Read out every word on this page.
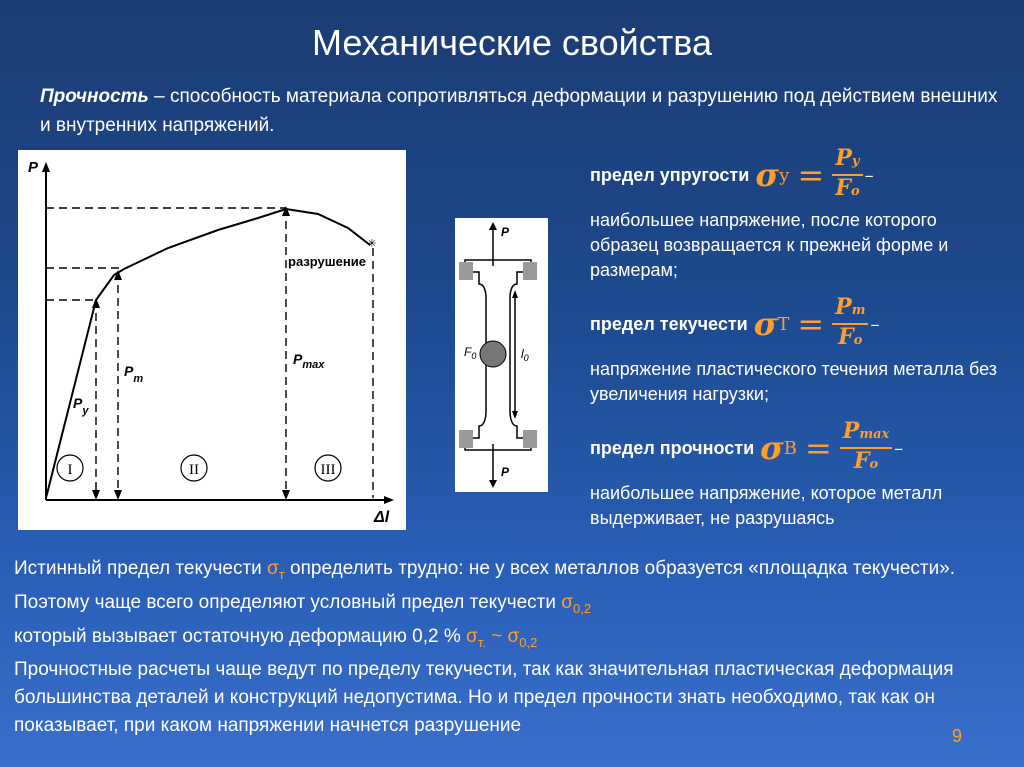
Механические свойства
Прочность – способность материала сопротивляться деформации и разрушению под действием внешних и внутренних напряжений.
✳
P
Δl
разрушение
$P_у$
$P_т$
$P_{max}$
I	II	III
P
P
$F_0$	$l_0$
предел упругости σ $у = \frac{Pу}{Fo}$ –
наибольшее напряжение, после которого образец возвращается к прежней форме и размерам;
предел текучести σ $Т = \frac{Pт}{Fo}$ –
напряжение пластического течения металла без увеличения нагрузки;
предел прочности σ $В = \frac{Pmax}{Fo}$ –
наибольшее напряжение, которое металл выдерживает, не разрушаясь
Истинный предел текучести $\sigma_т$ определить трудно: не у всех металлов образуется «площадка текучести». Поэтому чаще всего определяют условный предел текучести $\sigma_{0,2}$
который вызывает остаточную деформацию 0,2 % $\sigma_{т.}$ ~ $\sigma_{0,2}$
Прочностные расчеты чаще ведут по пределу текучести, так как значительная пластическая деформация большинства деталей и конструкций недопустима. Но и предел прочности знать необходимо, так как он показывает, при каком напряжении начнется разрушение	9
